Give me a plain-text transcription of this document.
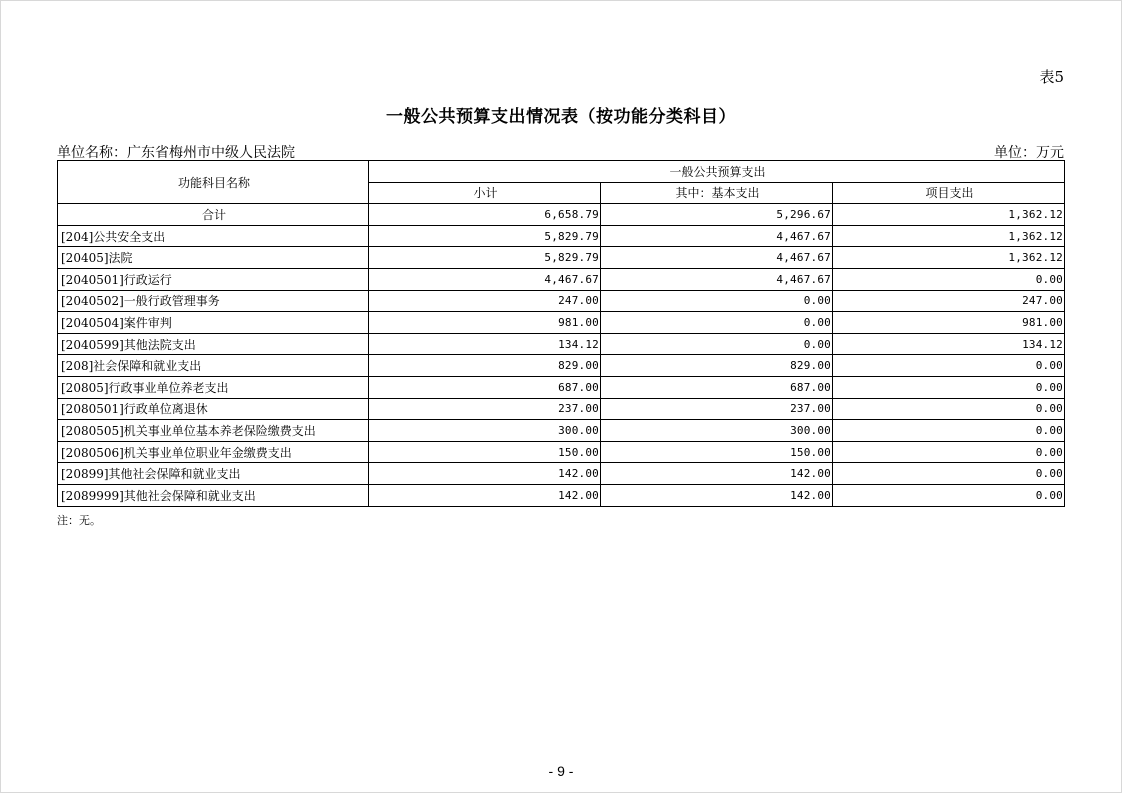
表5
一般公共预算支出情况表（按功能分类科目）
单位名称：广东省梅州市中级人民法院	单位：万元
功能科目名称	一般公共预算支出		
	小计	其中：基本支出	项目支出
合计	6,658.79	5,296.67	1,362.12
[204]公共安全支出	5,829.79	4,467.67	1,362.12
[20405]法院	5,829.79	4,467.67	1,362.12
[2040501]行政运行	4,467.67	4,467.67	0.00
[2040502]一般行政管理事务	247.00	0.00	247.00
[2040504]案件审判	981.00	0.00	981.00
[2040599]其他法院支出	134.12	0.00	134.12
[208]社会保障和就业支出	829.00	829.00	0.00
[20805]行政事业单位养老支出	687.00	687.00	0.00
[2080501]行政单位离退休	237.00	237.00	0.00
[2080505]机关事业单位基本养老保险缴费支出	300.00	300.00	0.00
[2080506]机关事业单位职业年金缴费支出	150.00	150.00	0.00
[20899]其他社会保障和就业支出	142.00	142.00	0.00
[2089999]其他社会保障和就业支出	142.00	142.00	0.00
注：无。
- 9 -
